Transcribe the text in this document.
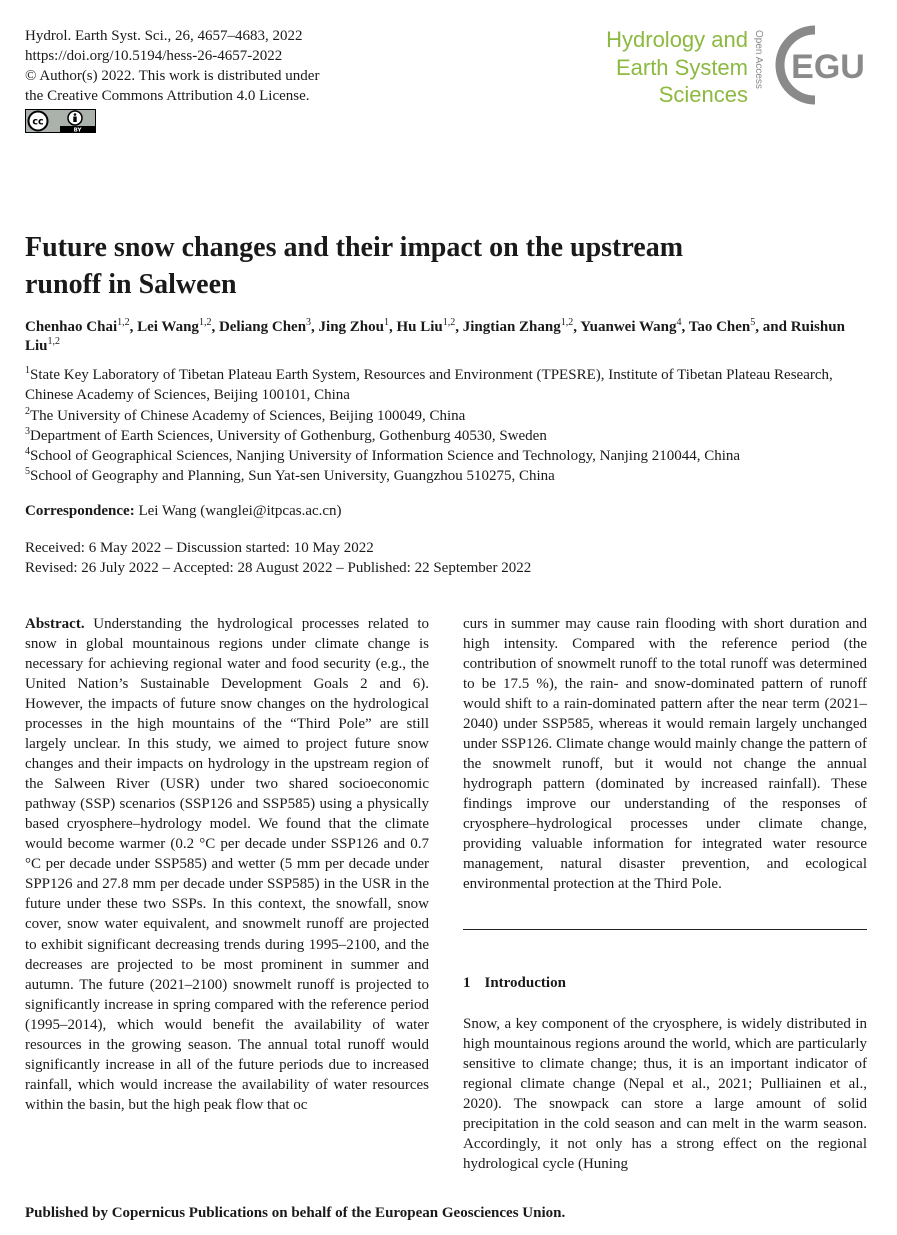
Hydrol. Earth Syst. Sci., 26, 4657–4683, 2022
https://doi.org/10.5194/hess-26-4657-2022
© Author(s) 2022. This work is distributed under
the Creative Commons Attribution 4.0 License.
cc
BY
Hydrology and
Earth System
Sciences
Open Access EGU
Future snow changes and their impact on the upstream
runoff in Salween
Chenhao Chai$^{1,2}$, Lei Wang$^{1,2}$, Deliang Chen$^3$, Jing Zhou$^1$, Hu Liu$^{1,2}$, Jingtian Zhang$^{1,2}$, Yuanwei Wang$^4$, Tao Chen$^5$, and Ruishun Liu$^{1,2}$
$^1$State Key Laboratory of Tibetan Plateau Earth System, Resources and Environment (TPESRE), Institute of Tibetan Plateau Research, Chinese Academy of Sciences, Beijing 100101, China
$^2$The University of Chinese Academy of Sciences, Beijing 100049, China
$^3$Department of Earth Sciences, University of Gothenburg, Gothenburg 40530, Sweden
$^4$School of Geographical Sciences, Nanjing University of Information Science and Technology, Nanjing 210044, China
$^5$School of Geography and Planning, Sun Yat-sen University, Guangzhou 510275, China
Correspondence: Lei Wang (wanglei@itpcas.ac.cn)
Received: 6 May 2022 – Discussion started: 10 May 2022
Revised: 26 July 2022 – Accepted: 28 August 2022 – Published: 22 September 2022

Abstract. Understanding the hydrological processes related to snow in global mountainous regions under climate change is necessary for achieving regional water and food security (e.g., the United Nation’s Sustainable Development Goals 2 and 6). However, the impacts of future snow changes on the hydrological processes in the high mountains of the “Third Pole” are still largely unclear. In this study, we aimed to project future snow changes and their impacts on hydrology in the upstream region of the Salween River (USR) under two shared socioeconomic pathway (SSP) scenarios (SSP126 and SSP585) using a physically based cryosphere–hydrology model. We found that the climate would become warmer (0.2 °C per decade under SSP126 and 0.7 °C per decade under SSP585) and wetter (5 mm per decade under SPP126 and 27.8 mm per decade under SSP585) in the USR in the future under these two SSPs. In this context, the snowfall, snow cover, snow water equivalent, and snowmelt runoff are projected to exhibit significant decreasing trends during 1995–2100, and the decreases are projected to be most prominent in summer and autumn. The future (2021–2100) snowmelt runoff is projected to significantly increase in spring compared with the reference period (1995–2014), which would benefit the availability of water resources in the growing season. The annual total runoff would significantly increase in all of the future periods due to increased rainfall, which would increase the availability of water resources within the basin, but the high peak flow that oc

curs in summer may cause rain flooding with short duration and high intensity. Compared with the reference period (the contribution of snowmelt runoff to the total runoff was determined to be 17.5 %), the rain- and snow-dominated pattern of runoff would shift to a rain-dominated pattern after the near term (2021–2040) under SSP585, whereas it would remain largely unchanged under SSP126. Climate change would mainly change the pattern of the snowmelt runoff, but it would not change the annual hydrograph pattern (dominated by increased rainfall). These findings improve our understanding of the responses of cryosphere–hydrological processes under climate change, providing valuable information for integrated water resource management, natural disaster prevention, and ecological environmental protection at the Third Pole.

1 Introduction

Snow, a key component of the cryosphere, is widely distributed in high mountainous regions around the world, which are particularly sensitive to climate change; thus, it is an important indicator of regional climate change (Nepal et al., 2021; Pulliainen et al., 2020). The snowpack can store a large amount of solid precipitation in the cold season and can melt in the warm season. Accordingly, it not only has a strong effect on the regional hydrological cycle (Huning

Published by Copernicus Publications on behalf of the European Geosciences Union.
